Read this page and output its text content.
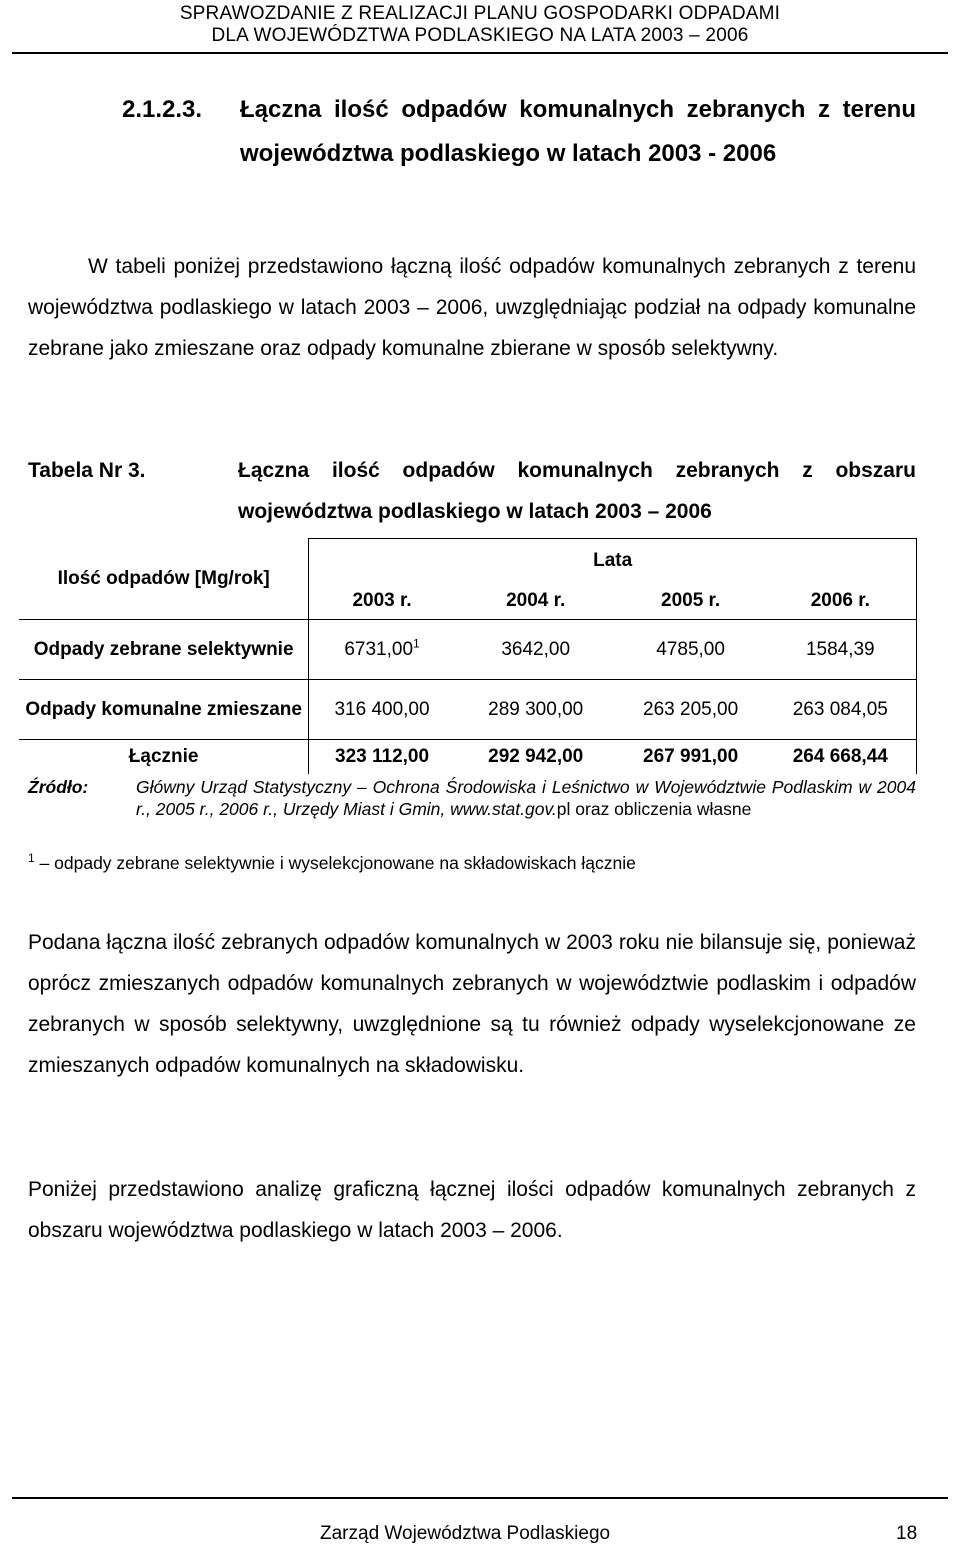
SPRAWOZDANIE Z REALIZACJI PLANU GOSPODARKI ODPADAMI
DLA WOJEWÓDZTWA PODLASKIEGO NA LATA 2003 – 2006
2.1.2.3. Łączna ilość odpadów komunalnych zebranych z terenu województwa podlaskiego w latach 2003 - 2006
W tabeli poniżej przedstawiono łączną ilość odpadów komunalnych zebranych z terenu województwa podlaskiego w latach 2003 – 2006, uwzględniając podział na odpady komunalne zebrane jako zmieszane oraz odpady komunalne zbierane w sposób selektywny.
Tabela Nr 3.	Łączna ilość odpadów komunalnych zebranych z obszaru województwa podlaskiego w latach 2003 – 2006
Ilość odpadów [Mg/rok]	Lata			
	2003 r.	2004 r.	2005 r.	2006 r.
Odpady zebrane selektywnie	6731,00$^1$	3642,00	4785,00	1584,39
Odpady komunalne zmieszane	316 400,00	289 300,00	263 205,00	263 084,05
Łącznie	323 112,00	292 942,00	267 991,00	264 668,44
Źródło:	Główny Urząd Statystyczny – Ochrona Środowiska i Leśnictwo w Województwie Podlaskim w 2004 r., 2005 r., 2006 r., Urzędy Miast i Gmin, www.stat.gov.pl oraz obliczenia własne
$^1$ – odpady zebrane selektywnie i wyselekcjonowane na składowiskach łącznie
Podana łączna ilość zebranych odpadów komunalnych w 2003 roku nie bilansuje się, ponieważ oprócz zmieszanych odpadów komunalnych zebranych w województwie podlaskim i odpadów zebranych w sposób selektywny, uwzględnione są tu również odpady wyselekcjonowane ze zmieszanych odpadów komunalnych na składowisku.
Poniżej przedstawiono analizę graficzną łącznej ilości odpadów komunalnych zebranych z obszaru województwa podlaskiego w latach 2003 – 2006.
Zarząd Województwa Podlaskiego	18
